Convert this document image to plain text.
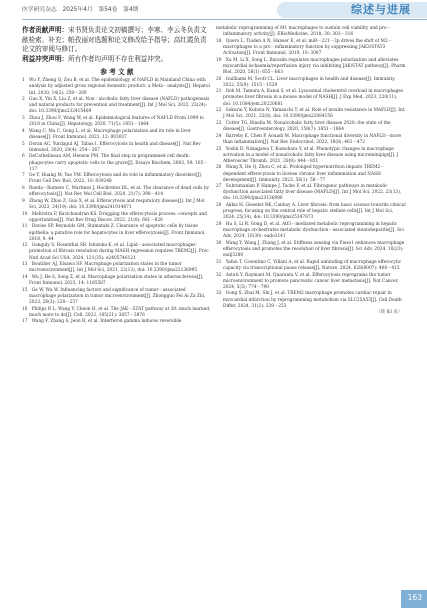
医学研究杂志　2025年4月　第54卷　第4期	综述与进展

作者贡献声明：宋书贤负责论文初稿撰写；李寒、李云冬负责文献检索、补充；帕孜丽对选题和论文修改给予指导；高红霞负责论文的审阅与修订。

利益冲突声明：所有作者均声明不存在利益冲突。

参 考 文 献

1　Wu Y, Zheng Q, Zou B, et al. The epidemiology of NAFLD in Mainland China with analysis by adjusted gross regional domestic product: a Meta－analysis[J]. Hepatol Int, 2020, 14(2): 259－269

2　Guo X, Yin X, Liu Z, et al. Non－alcoholic fatty liver disease (NAFLD) pathogenesis and natural products for prevention and treatment[J]. Int J Mol Sci, 2022, 23(24): doi: 10.3390/ijms232415489

3　Zhou J, Zhou F, Wang W, et al. Epidemiological features of NAFLD From 1999 to 2018 in China[J]. Hepatology, 2020, 71(5): 1851－1864

4　Wang C, Ma C, Gong L, et al. Macrophage polarization and its role in liver disease[J]. Front Immunol, 2021, 12: 803037

5　Doran AC, Yurdagul AJ, Tabas I. Efferocytosis in health and disease[J]. Nat Rev Immunol, 2020, 20(4): 254－267

6　DeCathelineau AM, Henson PM. The final step in programmed cell death: phagocytes carry apoptotic cells to the grave[J]. Essays Biochem, 2003, 39: 105－117

7　Ge Y, Huang M, Yao YM. Efferocytosis and its role in inflammatory disorders[J]. Front Cell Dev Biol, 2022, 10: 839248

8　Rueda－Romero C, Martinez J, Hochreiter BL, et al. The clearance of dead cells by efferocytosis[J]. Nat Rev Mol Cell Biol, 2020, 21(7): 398－414

9　Zhong W, Zhao Z, Guo X, et al. Efferocytosis and respiratory disease[J]. Int J Mol Sci, 2023, 24(19): doi: 10.3390/ijms241914871

10　Mehrotra P, Ravichandran KS. Drugging the efferocytosis process: concepts and opportunities[J]. Nat Rev Drug Discov, 2022, 21(8): 601－620

11　Davies SP, Reynolds GM, Stamataki Z. Clearance of apoptotic cells by tissue epithelia: a putative role for hepatocytes in liver efferocytosis[J]. Front Immunol, 2018, 9: 44

12　Ganguly S, Rosenthal SB, Ishizuka K, et al. Lipid－associated macrophages' promotion of fibrosis resolution during MASH regression requires TREM2[J]. Proc Natl Acad Sci USA, 2024, 121(35): e2405746121

13　Boutilier AJ, Elsawa SF. Macrophage polarization states in the tumor microenvironment[J]. Int J Mol Sci, 2021, 22(13), doi: 10.3390/ijms22136995

14　Wu J, He S, Song Z, et al. Macrophage polarization states in atherosclerosis[J]. Front Immunol, 2023, 14: 1185587

15　Ge W, Wu W. Influencing factors and significance of tumor－associated macrophage polarization in tumor microenvironment[J]. Zhongguo Fei Ai Za Zhi, 2023, 26(3): 228－237

16　Philips R L, Wang Y, Cheon H, et al. The JAK－STAT pathway at 30: much learned, much more to do[J]. Cell, 2022, 185(21): 3857－3876

17　Wang F, Zhang S, Jeon R, et al. Interferon gamma induces reversible

metabolic reprogramming of M1 macrophages to sustain cell viability and pro－inflammatory activity[J]. EBioMedicine, 2018, 30: 303－316

18　Quero L, Tiaden A N, Hanser E, et al. miR－221－3p drives the shift of M2－macrophages to a pro－inflammatory function by suppressing JAK3/STAT3 Activation[J]. Front Immunol, 2019, 10: 3087

19　Xu M, Li X, Song L. Baicalin regulates macrophages polarization and alleviates myocardial ischaemia/reperfusion injury via inhibiting JAK/STAT pathway[J]. Pharm Biol, 2020, 58(1): 655－663

20　Guilliams M, Scott CL. Liver macrophages in health and disease[J]. Immunity, 2022, 55(9): 1515－1529

21　Itoh M, Tamura A, Kanai S, et al. Lysosomal cholesterol overload in macrophages promotes liver fibrosis in a mouse model of NASH[J]. J Exp Med, 2023, 220(11), doi: 10.1084/jem.20220681

22　Sakurai Y, Kubota N, Yamauchi T, et al. Role of insulin resistance in MAFLD[J]. Int J Mol Sci, 2021, 22(8), doi: 10.3390/ijms22084156

23　Cotter TG, Rinella M. Nonalcoholic fatty liver disease 2020: the state of the disease[J]. Gastroenterology, 2020, 158(7): 1851－1864

24　Barreby E, Chen P, Aouadi M. Macrophage functional diversity in NAFLD－more than inflammation[J]. Nat Rev Endocrinol, 2022, 18(8): 461－472

25　Yoshii D, Nakagawa T, Komohara Y, et al. Phenotypic changes in macrophage activation in a model of nonalcoholic fatty liver disease using microminipigs[J]. J Atheroscler Thromb, 2021, 28(8): 844－851

26　Wang X, He Q, Zhou C, et al. Prolonged hypernutrition impairs TREM2－dependent efferocytosis to license chronic liver inflammation and NASH development[J]. Immunity, 2023, 56(1): 58－77

27　Subramanian P, Hampe J, Tacke F, et al. Fibrogenic pathways in metabolic dysfunction associated fatty liver disease (MAFLD)[J]. Int J Mol Sci, 2022, 23(13), doi: 10.3390/ijms23136996

28　Akkiz H, Gieseler RK, Canbay A. Liver fibrosis: from basic science towards clinical progress, focusing on the central role of hepatic stellate cells[J]. Int J Mol Sci, 2024, 25(14), doi: 10.3390/ijms25147873

29　Hu S, Li R, Gong D, et al. Atf3－mediated metabolic reprogramming in hepatic macrophage orchestrates metabolic dysfunction－associated steatohepatitis[J]. Sci Adv, 2024, 10(30): eado3141

30　Wang Y, Wang J, Zhang J, et al. Stiffness sensing via Piezo1 enhances macrophage efferocytosis and promotes the resolution of liver fibrosis[J]. Sci Adv, 2024, 10(23): eadj3289

31　Yafan T, Cosentino C, Villani A, et al. Rapid unbinding of macrophage efferocytic capacity via transcriptional pause release[J]. Nature, 2024, 628(8007): 408－415

32　Astuti Y, Raymant M, Quaranta V, et al. Efferocytosis reprograms the tumor microenvironment to promote pancreatic cancer liver metastasis[J]. Nat Cancer, 2024, 5(5): 774－790

33　Gong S, Zhai M, Shi J, et al. TREM2 macrophage promotes cardiac repair in myocardial infarction by reprogramming metabolism via SLC25A53[J]. Cell Death Differ, 2024, 31(2): 239－253

（转 83 页）
163
